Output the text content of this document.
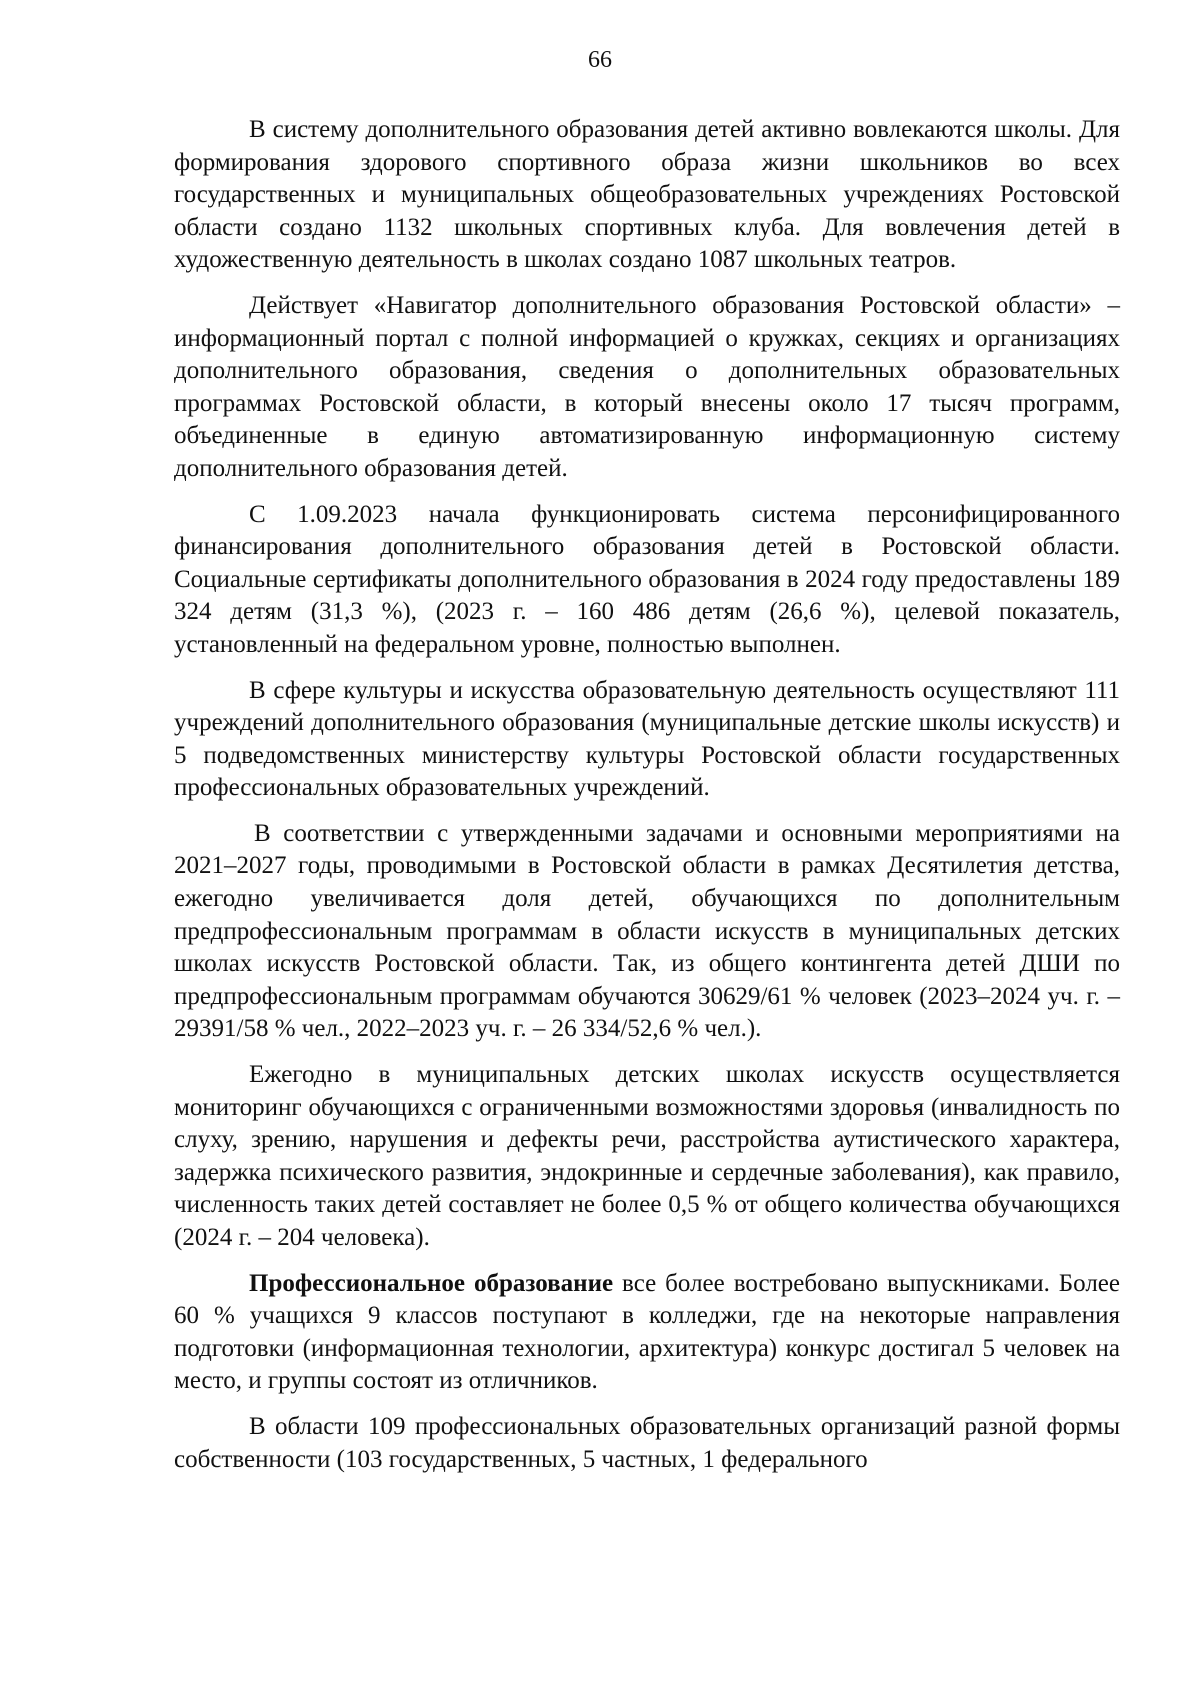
66

В систему дополнительного образования детей активно вовлекаются школы. Для формирования здорового спортивного образа жизни школьников во всех государственных и муниципальных общеобразовательных учреждениях Ростовской области создано 1132 школьных спортивных клуба. Для вовлечения детей в художественную деятельность в школах создано 1087 школьных театров.

Действует «Навигатор дополнительного образования Ростовской области» – информационный портал с полной информацией о кружках, секциях и организациях дополнительного образования, сведения о дополнительных образовательных программах Ростовской области, в который внесены около 17 тысяч программ, объединенные в единую автоматизированную информационную систему дополнительного образования детей.

С 1.09.2023 начала функционировать система персонифицированного финансирования дополнительного образования детей в Ростовской области. Социальные сертификаты дополнительного образования в 2024 году предоставлены 189 324 детям (31,3 %), (2023 г. – 160 486 детям (26,6 %), целевой показатель, установленный на федеральном уровне, полностью выполнен.

В сфере культуры и искусства образовательную деятельность осуществляют 111 учреждений дополнительного образования (муниципальные детские школы искусств) и 5 подведомственных министерству культуры Ростовской области государственных профессиональных образовательных учреждений.

В соответствии с утвержденными задачами и основными мероприятиями на 2021–2027 годы, проводимыми в Ростовской области в рамках Десятилетия детства, ежегодно увеличивается доля детей, обучающихся по дополнительным предпрофессиональным программам в области искусств в муниципальных детских школах искусств Ростовской области. Так, из общего контингента детей ДШИ по предпрофессиональным программам обучаются 30629/61 % человек (2023–2024 уч. г. – 29391/58 % чел., 2022–2023 уч. г. – 26 334/52,6 % чел.).

Ежегодно в муниципальных детских школах искусств осуществляется мониторинг обучающихся с ограниченными возможностями здоровья (инвалидность по слуху, зрению, нарушения и дефекты речи, расстройства аутистического характера, задержка психического развития, эндокринные и сердечные заболевания), как правило, численность таких детей составляет не более 0,5 % от общего количества обучающихся (2024 г. – 204 человека).

Профессиональное образование все более востребовано выпускниками. Более 60 % учащихся 9 классов поступают в колледжи, где на некоторые направления подготовки (информационная технологии, архитектура) конкурс достигал 5 человек на место, и группы состоят из отличников.

В области 109 профессиональных образовательных организаций разной формы собственности (103 государственных, 5 частных, 1 федерального
